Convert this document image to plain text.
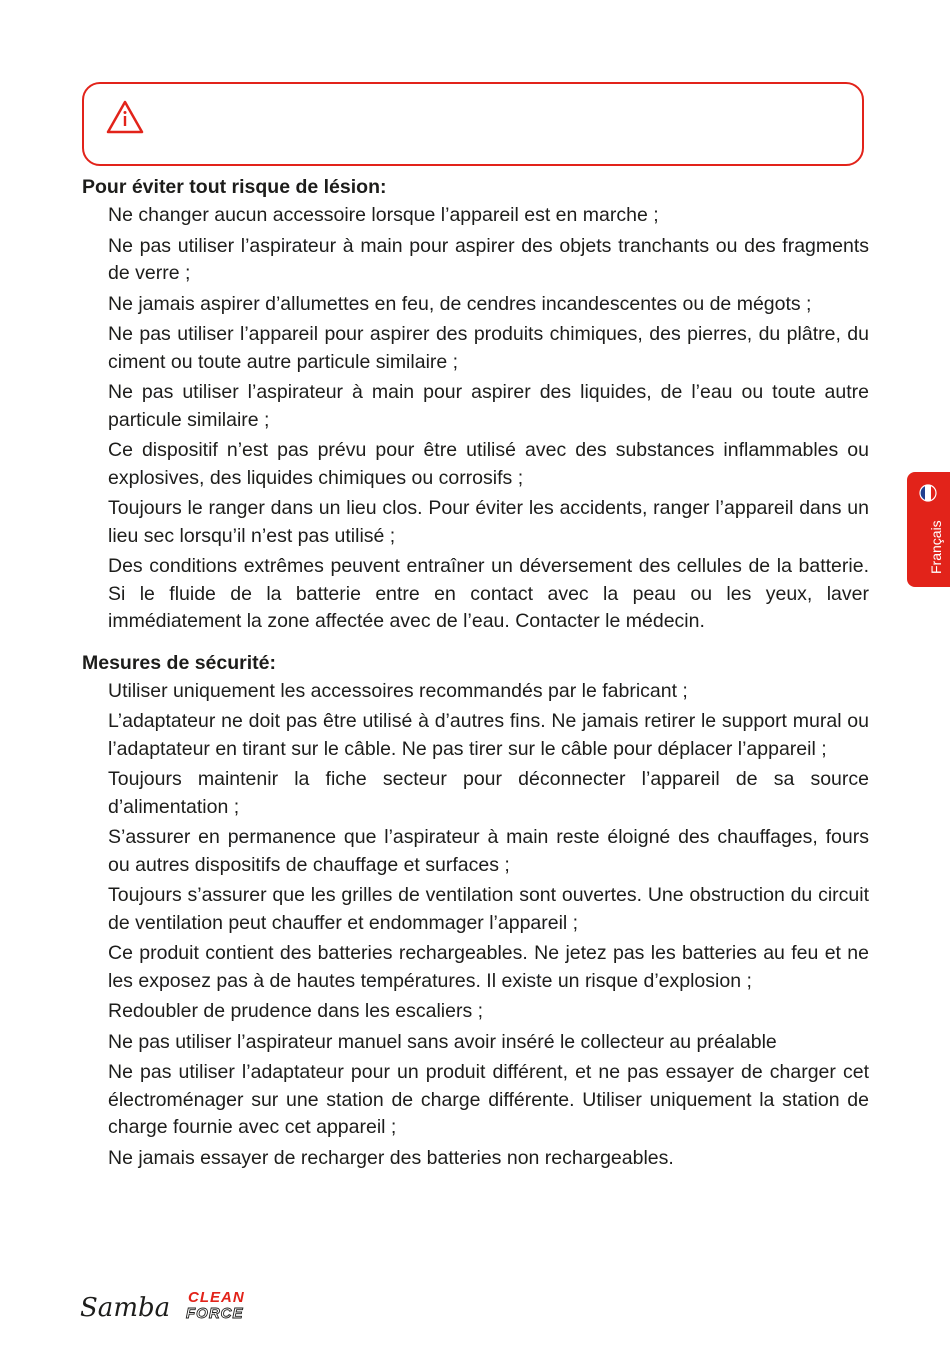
Pour éviter tout risque de lésion:
Ne changer aucun accessoire lorsque l’appareil est en marche ;
Ne pas utiliser l’aspirateur à main pour aspirer des objets tranchants ou des fragments de verre ;
Ne jamais aspirer d’allumettes en feu, de cendres incandescentes ou de mégots ;
Ne pas utiliser l’appareil pour aspirer des produits chimiques, des pierres, du plâtre, du ciment ou toute autre particule similaire ;
Ne pas utiliser l’aspirateur à main pour aspirer des liquides, de l’eau ou toute autre particule similaire ;
Ce dispositif n’est pas prévu pour être utilisé avec des substances inflammables ou explosives, des liquides chimiques ou corrosifs ;
Toujours le ranger dans un lieu clos. Pour éviter les accidents, ranger l’appareil dans un lieu sec lorsqu’il n’est pas utilisé ;
Des conditions extrêmes peuvent entraîner un déversement des cellules de la batterie. Si le fluide de la batterie entre en contact avec la peau ou les yeux, laver immédiatement la zone affectée avec de l’eau. Contacter le médecin.
Mesures de sécurité:
Utiliser uniquement les accessoires recommandés par le fabricant ;
L’adaptateur ne doit pas être utilisé à d’autres fins. Ne jamais retirer le support mural ou l’adaptateur en tirant sur le câble. Ne pas tirer sur le câble pour déplacer l’appareil ;
Toujours maintenir la fiche secteur pour déconnecter l’appareil de sa source d’alimentation ;
S’assurer en permanence que l’aspirateur à main reste éloigné des chauffages, fours ou autres dispositifs de chauffage et surfaces ;
Toujours s’assurer que les grilles de ventilation sont ouvertes. Une obstruction du circuit de ventilation peut chauffer et endommager l’appareil ;
Ce produit contient des batteries rechargeables. Ne jetez pas les batteries au feu et ne les exposez pas à de hautes températures. Il existe un risque d’explosion ;
Redoubler de prudence dans les escaliers ;
Ne pas utiliser l’aspirateur manuel sans avoir inséré le collecteur au préalable
Ne pas utiliser l’adaptateur pour un produit différent, et ne pas essayer de charger cet électroménager sur une station de charge différente. Utiliser uniquement la station de charge fournie avec cet appareil ;
Ne jamais essayer de recharger des batteries non rechargeables.
Français
Samba CLEAN
FORCE
